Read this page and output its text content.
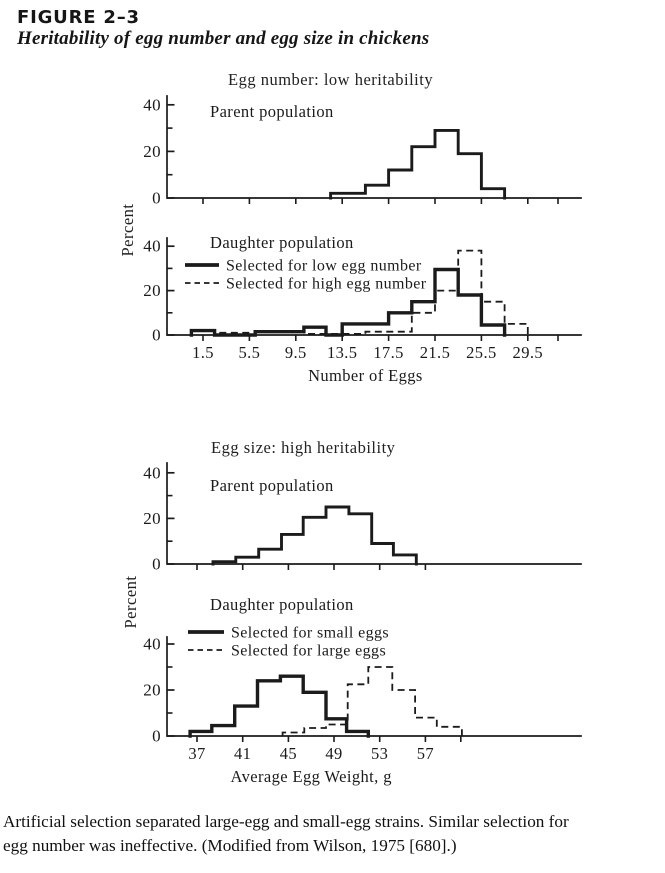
FIGURE 2–3
Heritability of egg number and egg size in chickens
Egg number: low heritability
Egg size: high heritability
Percent
Percent
0
20
40	Parent population
0
20
40
1.5 5.5 9.5 13.5 17.5 21.5 25.5 29.5
Number of Eggs
Daughter population
Selected for low egg number
Selected for high egg number
0
20
40
Parent population
0
20
40
37 41 45 49 53 57
Average Egg Weight, g
Daughter population
Selected for small eggs
Selected for large eggs
Artificial selection separated large-egg and small-egg strains. Similar selection for
egg number was ineffective. (Modified from Wilson, 1975 [680].)
